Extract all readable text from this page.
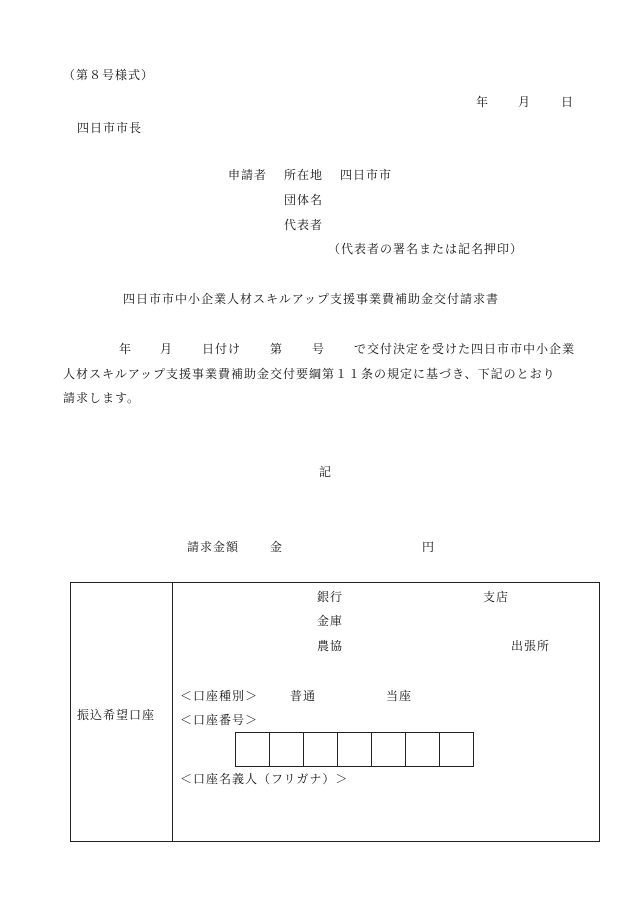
（第８号様式）
年 月 日
四日市市長
申請者 所在地 四日市市
団体名
代表者
（代表者の署名または記名押印）
四日市市中小企業人材スキルアップ支援事業費補助金交付請求書
年 月 日付け 第 号 で交付決定を受けた四日市市中小企業
人材スキルアップ支援事業費補助金交付要綱第１１条の規定に基づき、下記のとおり
請求します。
記
請求金額	金	円
振込希望口座
銀行	支店
金庫
農協	出張所
＜口座種別＞	普通	当座
＜口座番号＞
＜口座名義人（フリガナ）＞
